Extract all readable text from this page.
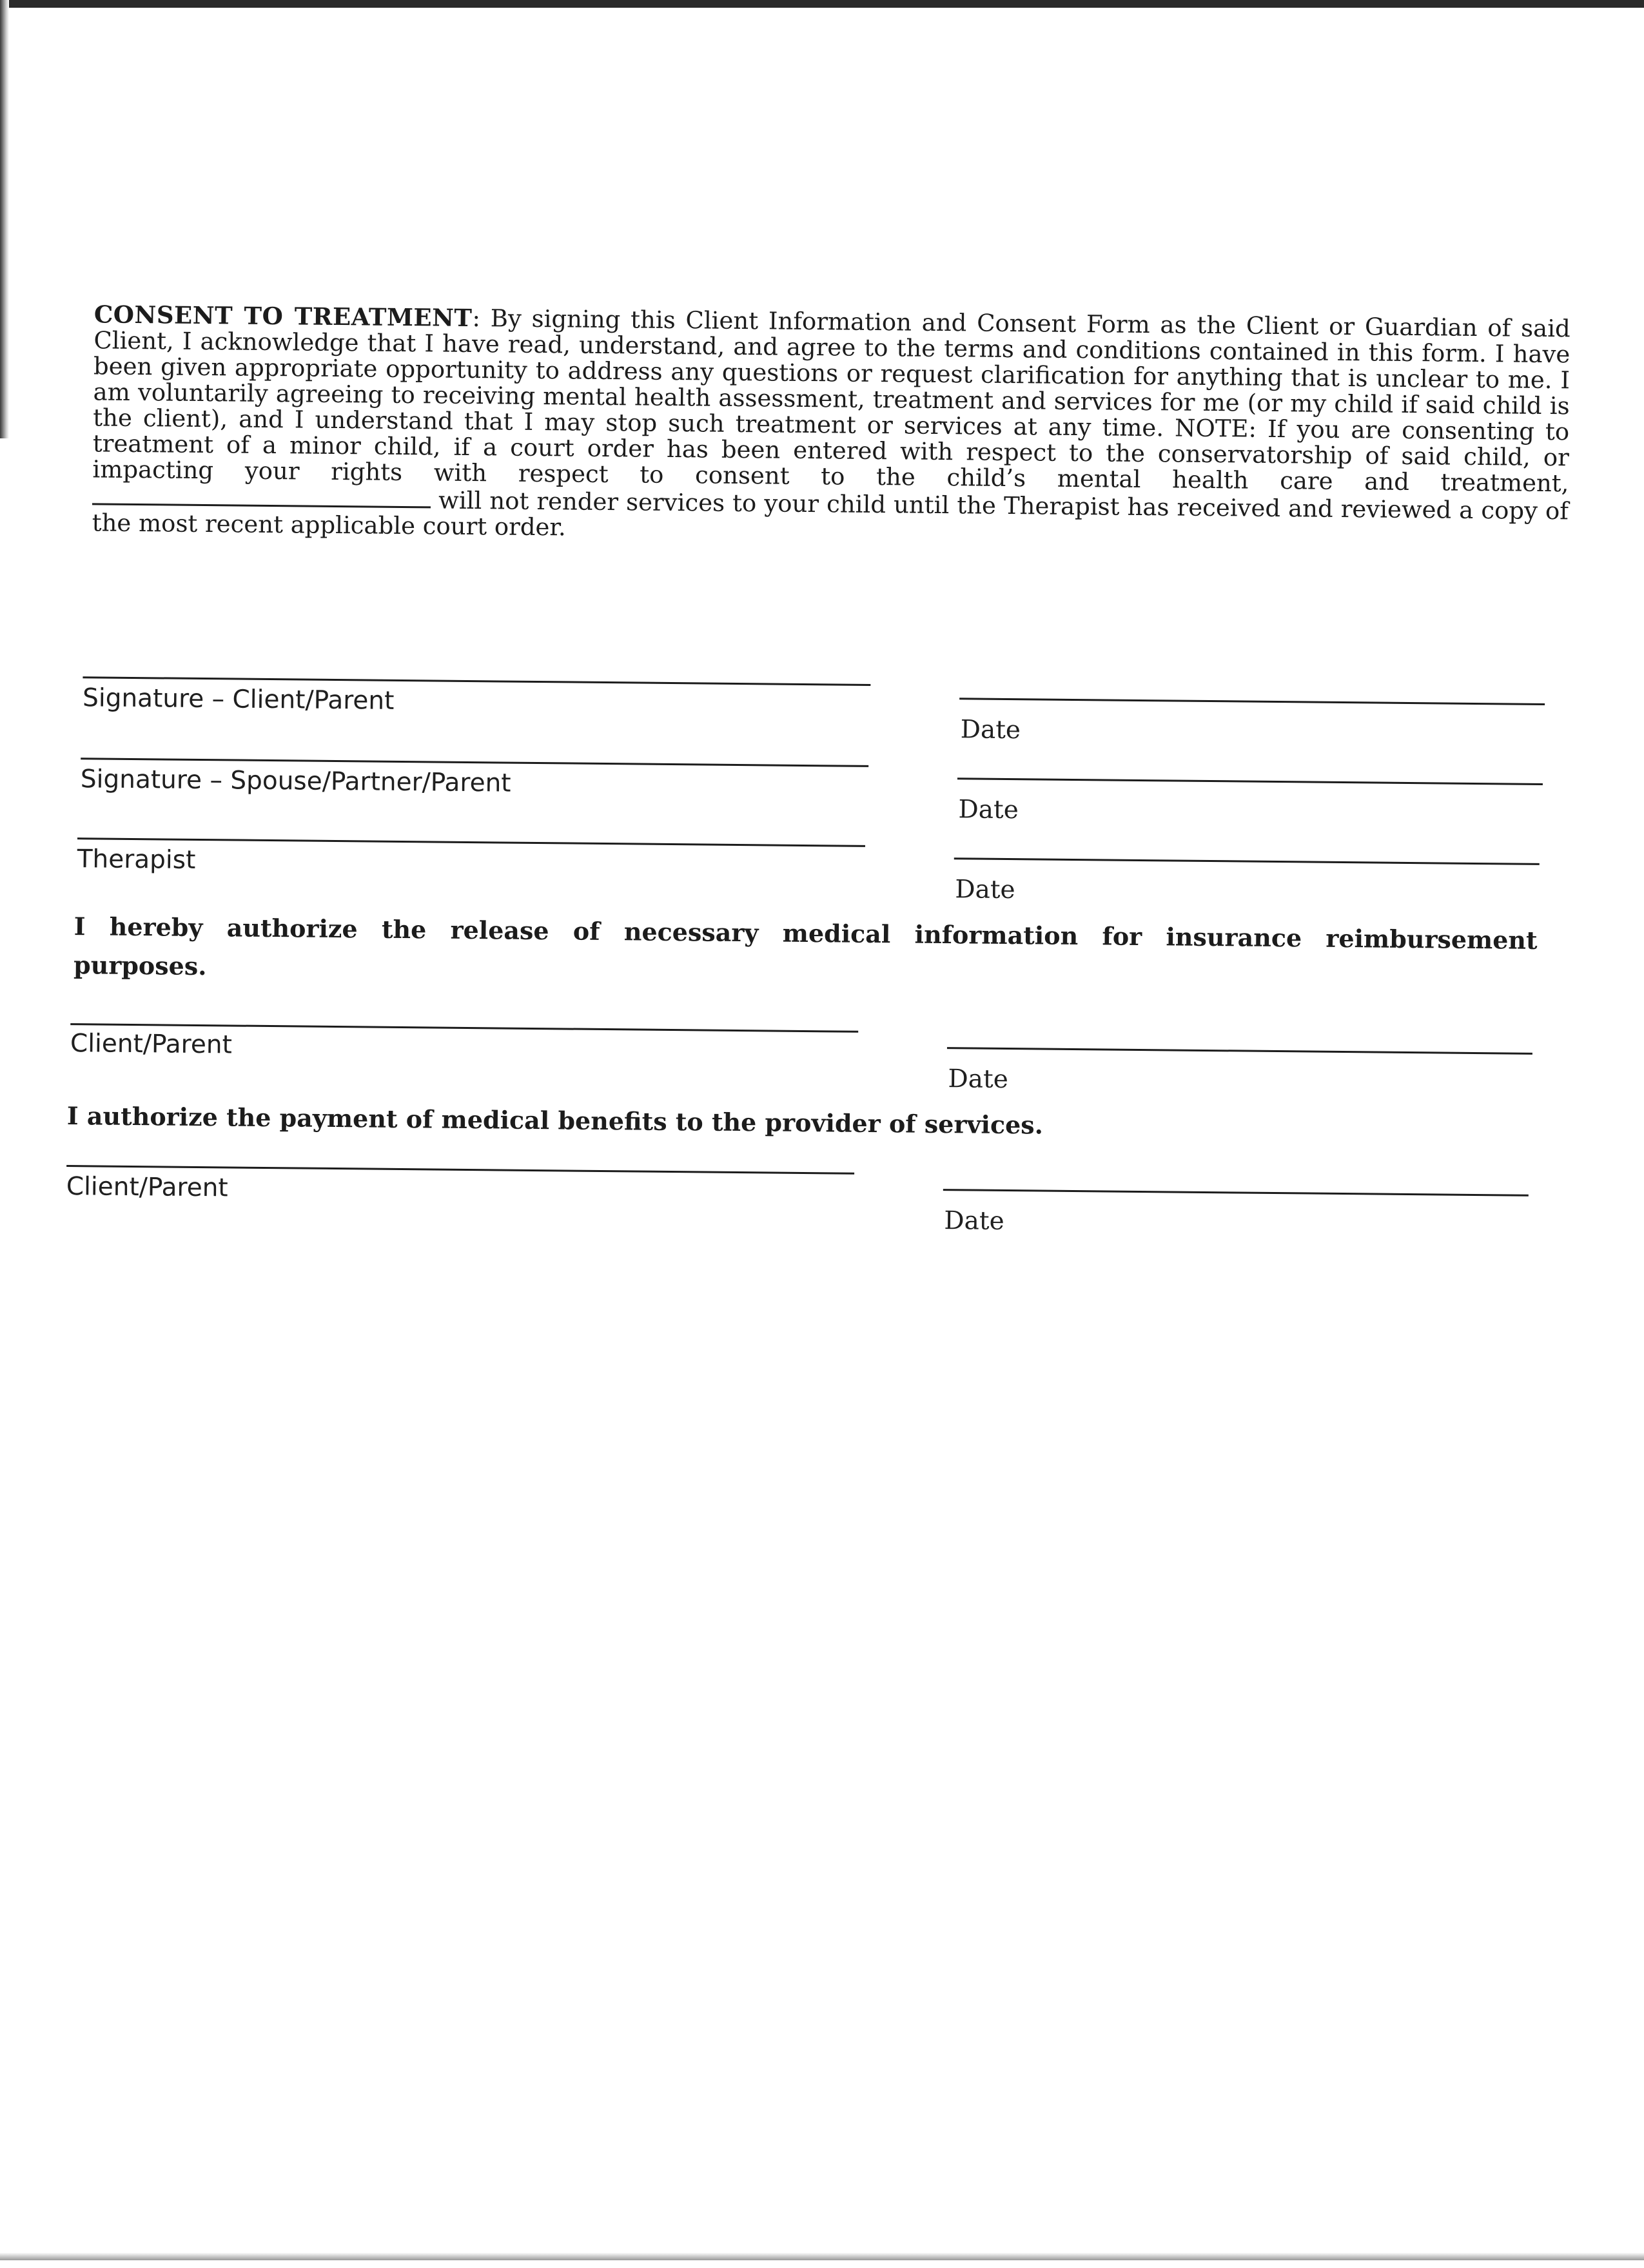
CONSENT TO TREATMENT: By signing this Client Information and Consent Form as the Client or Guardian of said Client, I acknowledge that I have read, understand, and agree to the terms and conditions contained in this form. I have been given appropriate opportunity to address any questions or request clarification for anything that is unclear to me. I am voluntarily agreeing to receiving mental health assessment, treatment and services for me (or my child if said child is the client), and I understand that I may stop such treatment or services at any time. NOTE: If you are consenting to treatment of a minor child, if a court order has been entered with respect to the conservatorship of said child, or impacting your rights with respect to consent to the child’s mental health care and treatment,  will not render services to your child until the Therapist has received and reviewed a copy of the most recent applicable court order.

Signature – Client/Parent
Date
Signature – Spouse/Partner/Parent
Date
Therapist
Date

I hereby authorize the release of necessary medical information for insurance reimbursement purposes.

Client/Parent
Date

I authorize the payment of medical benefits to the provider of services.

Client/Parent
Date
